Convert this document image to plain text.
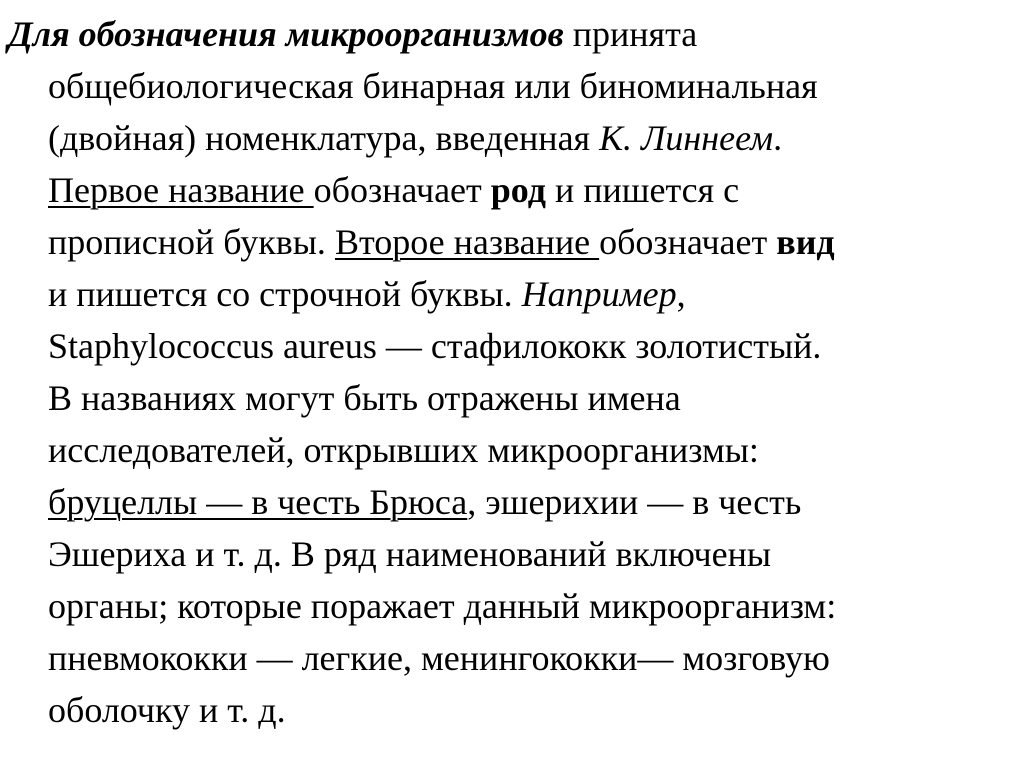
Для обозначения микроорганизмов принята
общебиологическая бинарная или биноминальная
(двойная) номенклатура, введенная К. Линнеем.
Первое название обозначает род и пишется с
прописной буквы. Второе название обозначает вид
и пишется со строчной буквы. Например,
Staphylococcus aureus — стафилококк золотистый.
В названиях могут быть отражены имена
исследователей, открывших микроорганизмы:
бруцеллы — в честь Брюса, эшерихии — в честь
Эшериха и т. д. В ряд наименований включены
органы; которые поражает данный микроорганизм:
пневмококки — легкие, менингококки— мозговую
оболочку и т. д.
